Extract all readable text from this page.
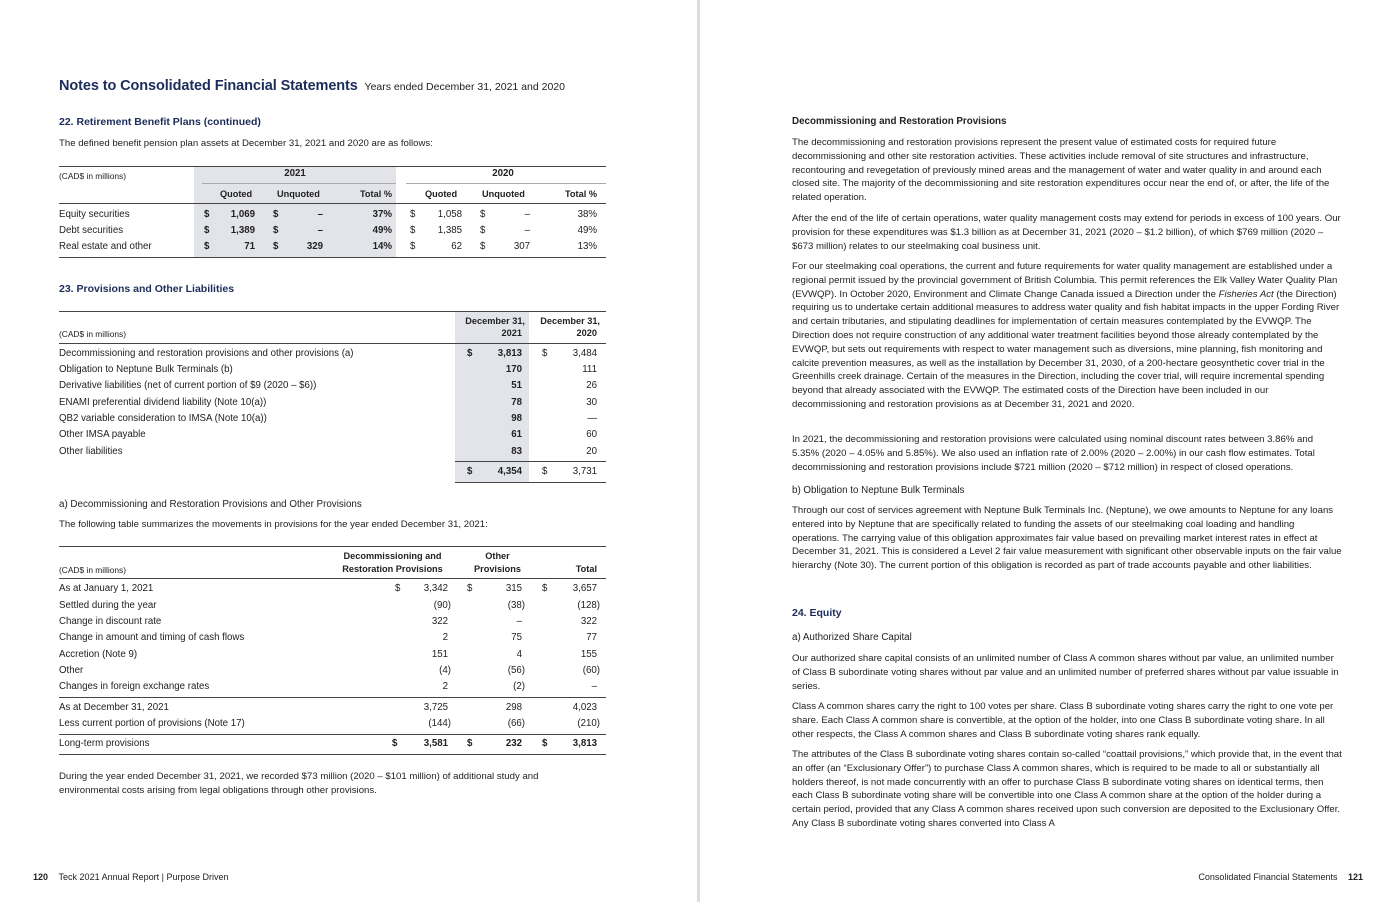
Notes to Consolidated Financial Statements Years ended December 31, 2021 and 2020
22. Retirement Benefit Plans (continued)
The defined benefit pension plan assets at December 31, 2021 and 2020 are as follows:
(CAD$ in millions)	2021	2020
Quoted	Unquoted	Total %	Quoted	Unquoted	Total %
Equity securities	$	1,069 $	–	37% $	1,058 $	–	38%
Debt securities	$	1,389 $	–	49% $	1,385 $	–	49%
Real estate and other	$	71 $	329	14% $	62 $	307	13%
23. Provisions and Other Liabilities
December 31,
2021
December 31,
2020
(CAD$ in millions)
Decommissioning and restoration provisions and other provisions (a)	$	3,813 $	3,484
Obligation to Neptune Bulk Terminals (b)	170	111
Derivative liabilities (net of current portion of $9 (2020 – $6))	51	26
ENAMI preferential dividend liability (Note 10(a))	78	30
QB2 variable consideration to IMSA (Note 10(a))	98	—
Other IMSA payable	61	60
Other liabilities	83	20
$	4,354 $	3,731
a) Decommissioning and Restoration Provisions and Other Provisions
The following table summarizes the movements in provisions for the year ended December 31, 2021:
Decommissioning and
Restoration Provisions
Other
Provisions	Total
(CAD$ in millions)
As at January 1, 2021	$	3,342 $	315 $	3,657
Settled during the year	(90)	(38)	(128)
Change in discount rate	322	–	322
Change in amount and timing of cash flows	2	75	77
Accretion (Note 9)	151	4	155
Other	(4)	(56)	(60)
Changes in foreign exchange rates	2	(2)	–
As at December 31, 2021	3,725	298	4,023
Less current portion of provisions (Note 17)	(144)	(66)	(210)
Long-term provisions	$	3,581 $	232 $	3,813
During the year ended December 31, 2021, we recorded $73 million (2020 – $101 million) of additional study and environmental costs arising from legal obligations through other provisions.
120 Teck 2021 Annual Report | Purpose Driven
Decommissioning and Restoration Provisions
The decommissioning and restoration provisions represent the present value of estimated costs for required future decommissioning and other site restoration activities. These activities include removal of site structures and infrastructure, recontouring and revegetation of previously mined areas and the management of water and water quality in and around each closed site. The majority of the decommissioning and site restoration expenditures occur near the end of, or after, the life of the related operation.
After the end of the life of certain operations, water quality management costs may extend for periods in excess of 100 years. Our provision for these expenditures was $1.3 billion as at December 31, 2021 (2020 – $1.2 billion), of which $769 million (2020 – $673 million) relates to our steelmaking coal business unit.
For our steelmaking coal operations, the current and future requirements for water quality management are established under a regional permit issued by the provincial government of British Columbia. This permit references the Elk Valley Water Quality Plan (EVWQP). In October 2020, Environment and Climate Change Canada issued a Direction under the Fisheries Act (the Direction) requiring us to undertake certain additional measures to address water quality and fish habitat impacts in the upper Fording River and certain tributaries, and stipulating deadlines for implementation of certain measures contemplated by the EVWQP. The Direction does not require construction of any additional water treatment facilities beyond those already contemplated by the EVWQP, but sets out requirements with respect to water management such as diversions, mine planning, fish monitoring and calcite prevention measures, as well as the installation by December 31, 2030, of a 200-hectare geosynthetic cover trial in the Greenhills creek drainage. Certain of the measures in the Direction, including the cover trial, will require incremental spending beyond that already associated with the EVWQP. The estimated costs of the Direction have been included in our decommissioning and restoration provisions as at December 31, 2021 and 2020.
In 2021, the decommissioning and restoration provisions were calculated using nominal discount rates between 3.86% and 5.35% (2020 – 4.05% and 5.85%). We also used an inflation rate of 2.00% (2020 – 2.00%) in our cash flow estimates. Total decommissioning and restoration provisions include $721 million (2020 – $712 million) in respect of closed operations.
b) Obligation to Neptune Bulk Terminals
Through our cost of services agreement with Neptune Bulk Terminals Inc. (Neptune), we owe amounts to Neptune for any loans entered into by Neptune that are specifically related to funding the assets of our steelmaking coal loading and handling operations. The carrying value of this obligation approximates fair value based on prevailing market interest rates in effect at December 31, 2021. This is considered a Level 2 fair value measurement with significant other observable inputs on the fair value hierarchy (Note 30). The current portion of this obligation is recorded as part of trade accounts payable and other liabilities.
24. Equity
a) Authorized Share Capital
Our authorized share capital consists of an unlimited number of Class A common shares without par value, an unlimited number of Class B subordinate voting shares without par value and an unlimited number of preferred shares without par value issuable in series.
Class A common shares carry the right to 100 votes per share. Class B subordinate voting shares carry the right to one vote per share. Each Class A common share is convertible, at the option of the holder, into one Class B subordinate voting share. In all other respects, the Class A common shares and Class B subordinate voting shares rank equally.
The attributes of the Class B subordinate voting shares contain so-called “coattail provisions,” which provide that, in the event that an offer (an “Exclusionary Offer”) to purchase Class A common shares, which is required to be made to all or substantially all holders thereof, is not made concurrently with an offer to purchase Class B subordinate voting shares on identical terms, then each Class B subordinate voting share will be convertible into one Class A common share at the option of the holder during a certain period, provided that any Class A common shares received upon such conversion are deposited to the Exclusionary Offer. Any Class B subordinate voting shares converted into Class A
Consolidated Financial Statements 121
